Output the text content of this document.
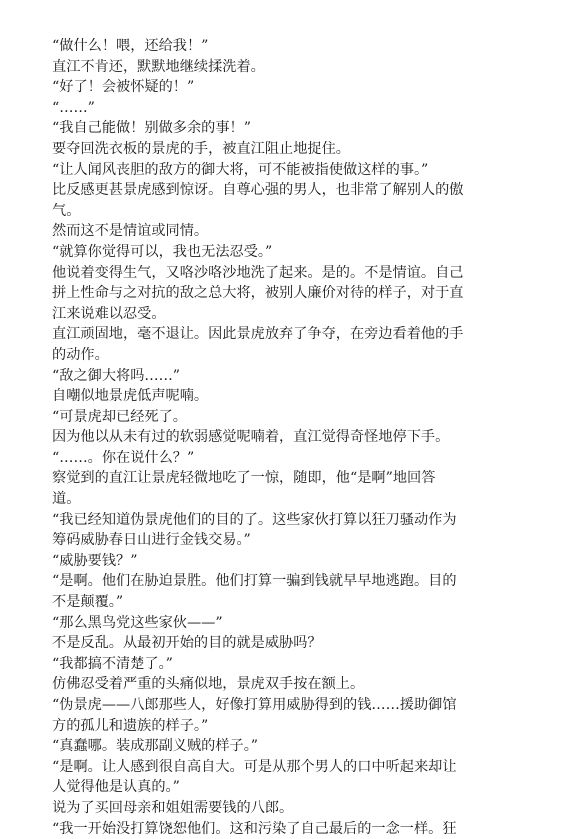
“做什么！喂，还给我！”

直江不肯还，默默地继续揉洗着。

“好了！会被怀疑的！”

“……”

“我自己能做！别做多余的事！”

要夺回洗衣板的景虎的手，被直江阻止地捉住。

“让人闻风丧胆的敌方的御大将，可不能被指使做这样的事。”

比反感更甚景虎感到惊讶。自尊心强的男人，也非常了解别人的傲

气。

然而这不是情谊或同情。

“就算你觉得可以，我也无法忍受。”

他说着变得生气，又咯沙咯沙地洗了起来。是的。不是情谊。自己

拼上性命与之对抗的敌之总大将，被别人廉价对待的样子，对于直

江来说难以忍受。

直江顽固地，毫不退让。因此景虎放弃了争夺，在旁边看着他的手

的动作。

“敌之御大将吗……”

自嘲似地景虎低声呢喃。

“可景虎却已经死了。

因为他以从未有过的软弱感觉呢喃着，直江觉得奇怪地停下手。

“……。你在说什么？”

察觉到的直江让景虎轻微地吃了一惊，随即，他“是啊”地回答

道。

“我已经知道伪景虎他们的目的了。这些家伙打算以狂刀骚动作为

筹码威胁春日山进行金钱交易。”

“威胁要钱？”

“是啊。他们在胁迫景胜。他们打算一骗到钱就早早地逃跑。目的

不是颠覆。”

“那么黑鸟党这些家伙——”

不是反乱。从最初开始的目的就是威胁吗？

“我都搞不清楚了。”

仿佛忍受着严重的头痛似地，景虎双手按在额上。

“伪景虎——八郎那些人，好像打算用威胁得到的钱……援助御馆

方的孤儿和遗族的样子。”

“真蠢哪。装成那副义贼的样子。”

“是啊。让人感到很自高自大。可是从那个男人的口中听起来却让

人觉得他是认真的。”

说为了买回母亲和姐姐需要钱的八郎。

“我一开始没打算饶恕他们。这和污染了自己最后的一念一样。狂
